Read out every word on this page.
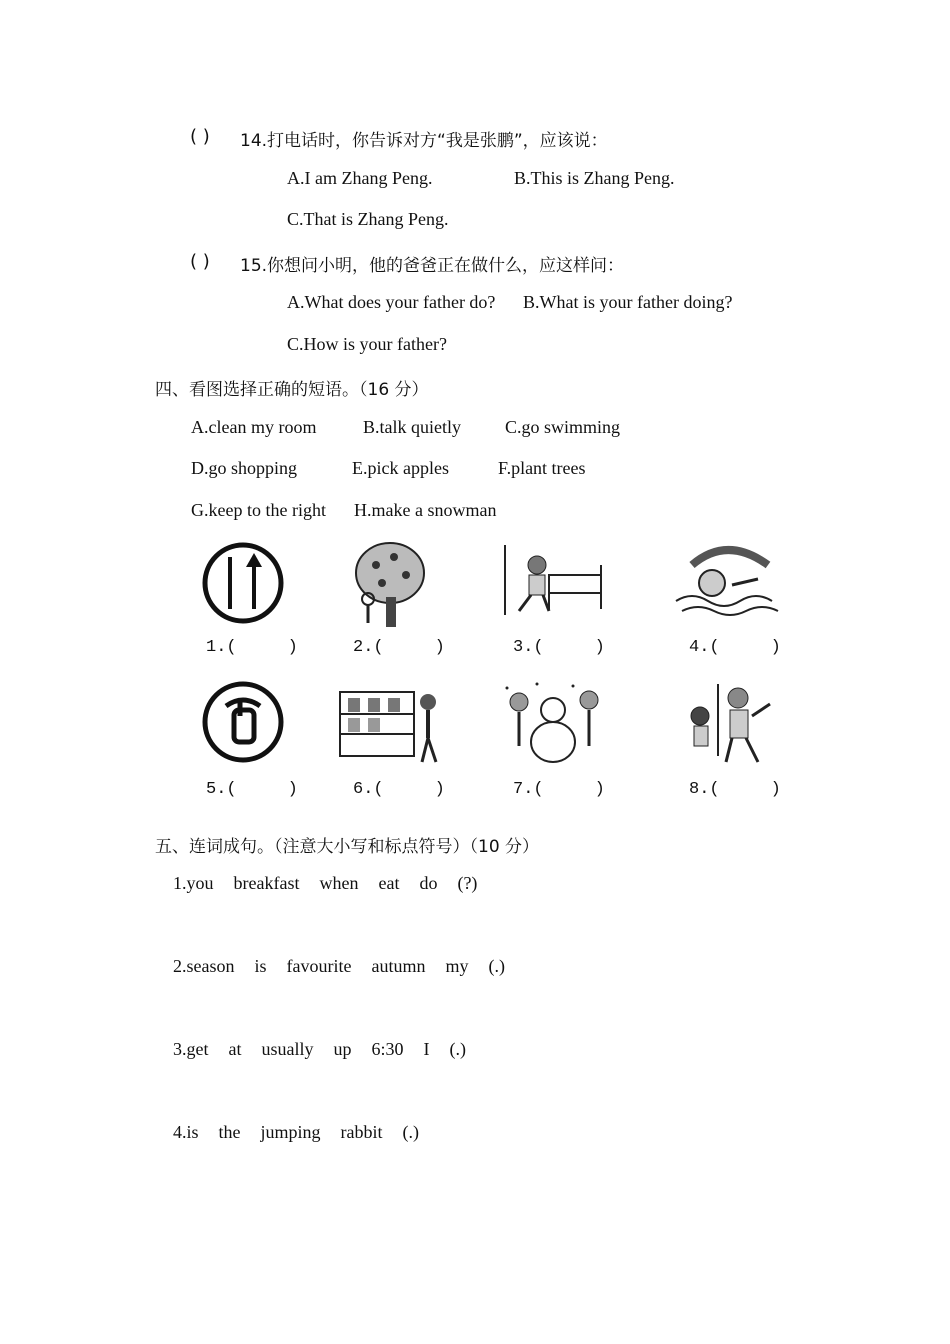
( ) 14.打电话时，你告诉对方“我是张鹏”，应该说：
A.I am Zhang Peng.	B.This is Zhang Peng.
C.That is Zhang Peng.
( ) 15.你想问小明，他的爸爸正在做什么，应这样问：
A.What does your father do? B.What is your father doing?
C.How is your father?
四、看图选择正确的短语。（16 分）
A.clean my room	B.talk quietly C.go swimming
D.go shopping	E.pick apples	F.plant trees
G.keep to the right H.make a snowman
1.(     )	2.(     )	3.(     )	4.(     )
5.(     )	6.(     )	7.(     )	8.(     )
五、连词成句。（注意大小写和标点符号）（10 分）
1.you breakfast when eat do (?)
2.season is favourite autumn my (.)
3.get at usually up 6:30 I (.)
4.is the jumping rabbit (.)
